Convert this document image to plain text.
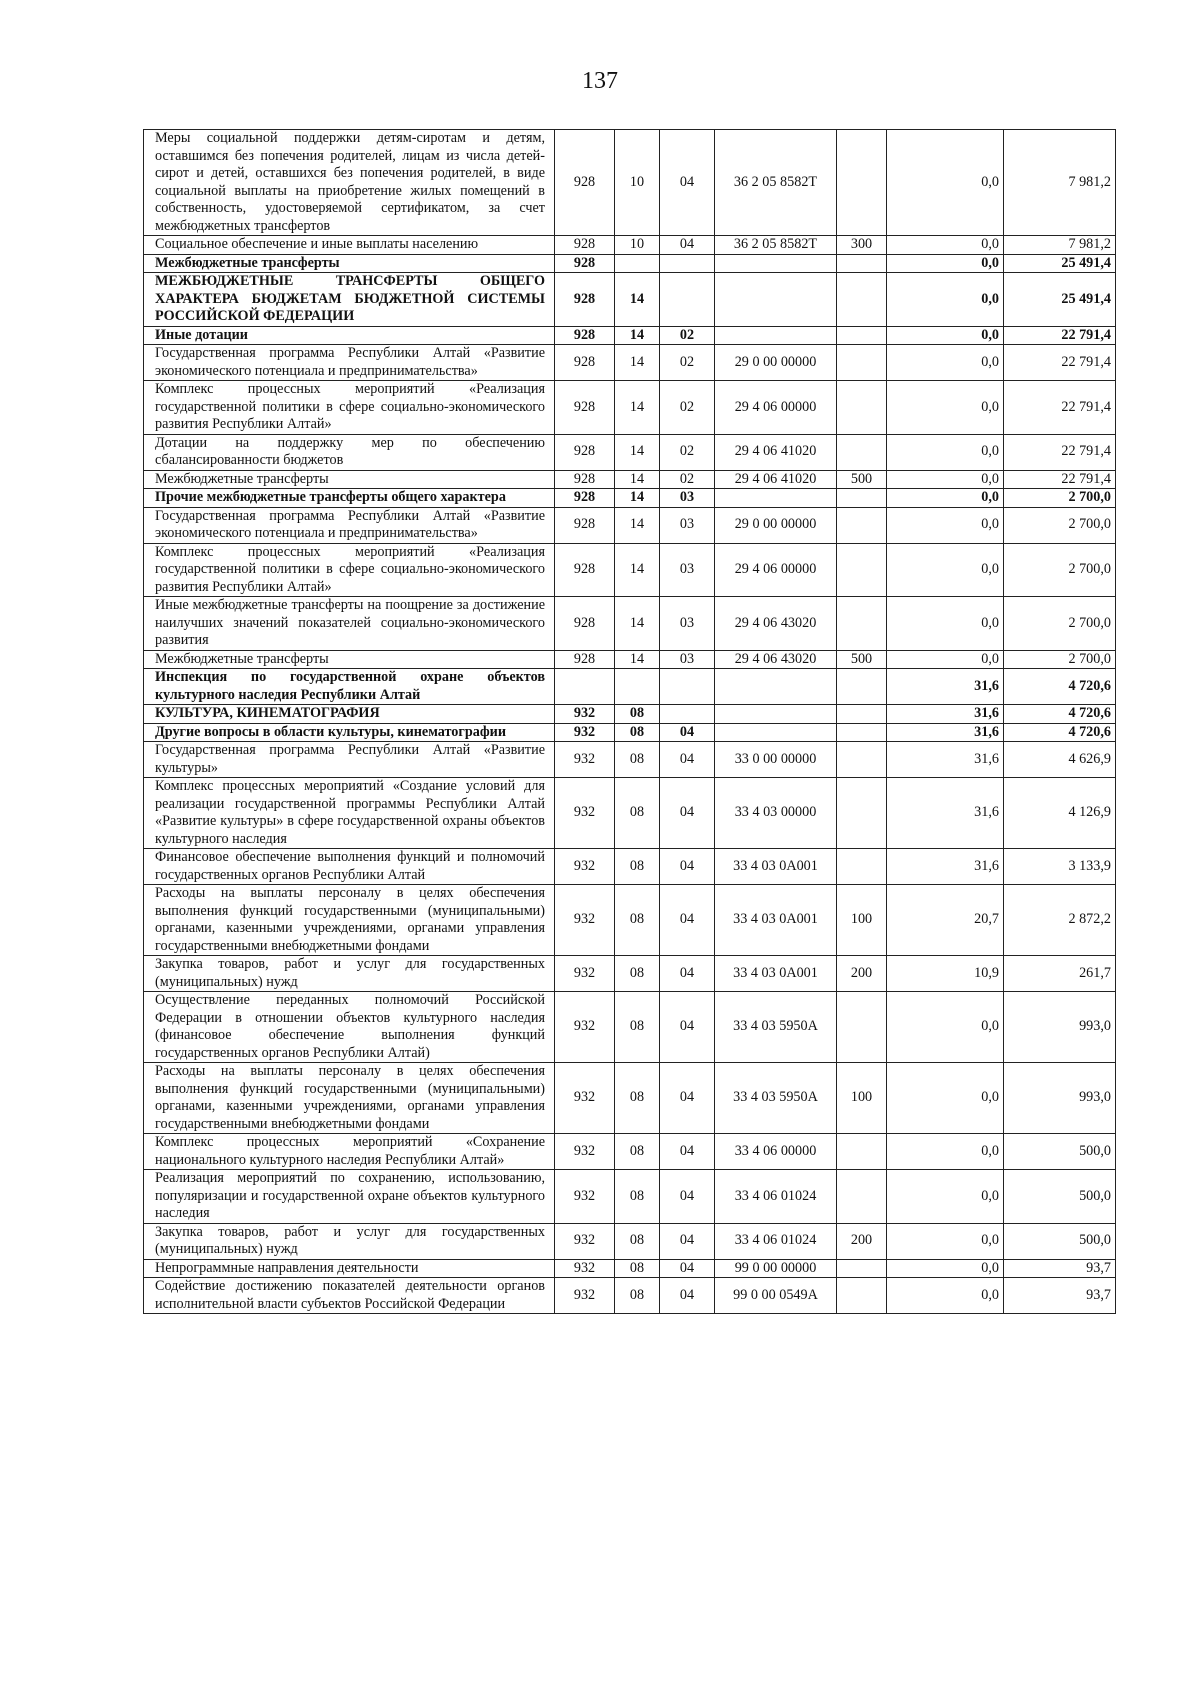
137
Меры социальной поддержки детям-сиротам и детям, оставшимся без попечения родителей, лицам из числа детей-сирот и детей, оставшихся без попечения родителей, в виде социальной выплаты на приобретение жилых помещений в собственность, удостоверяемой сертификатом, за счет межбюджетных трансфертов	928	10	04	36 2 05 8582T		0,0	7 981,2
Социальное обеспечение и иные выплаты населению	928	10	04	36 2 05 8582T	300	0,0	7 981,2
Межбюджетные трансферты	928					0,0	25 491,4
МЕЖБЮДЖЕТНЫЕ ТРАНСФЕРТЫ ОБЩЕГО ХАРАКТЕРА БЮДЖЕТАМ БЮДЖЕТНОЙ СИСТЕМЫ РОССИЙСКОЙ ФЕДЕРАЦИИ	928	14				0,0	25 491,4
Иные дотации	928	14	02			0,0	22 791,4
Государственная программа Республики Алтай «Развитие экономического потенциала и предпринимательства»	928	14	02	29 0 00 00000		0,0	22 791,4
Комплекс процессных мероприятий «Реализация государственной политики в сфере социально-экономического развития Республики Алтай»	928	14	02	29 4 06 00000		0,0	22 791,4
Дотации на поддержку мер по обеспечению сбалансированности бюджетов	928	14	02	29 4 06 41020		0,0	22 791,4
Межбюджетные трансферты	928	14	02	29 4 06 41020	500	0,0	22 791,4
Прочие межбюджетные трансферты общего характера	928	14	03			0,0	2 700,0
Государственная программа Республики Алтай «Развитие экономического потенциала и предпринимательства»	928	14	03	29 0 00 00000		0,0	2 700,0
Комплекс процессных мероприятий «Реализация государственной политики в сфере социально-экономического развития Республики Алтай»	928	14	03	29 4 06 00000		0,0	2 700,0
Иные межбюджетные трансферты на поощрение за достижение наилучших значений показателей социально-экономического развития	928	14	03	29 4 06 43020		0,0	2 700,0
Межбюджетные трансферты	928	14	03	29 4 06 43020	500	0,0	2 700,0
Инспекция по государственной охране объектов культурного наследия Республики Алтай						31,6	4 720,6
КУЛЬТУРА, КИНЕМАТОГРАФИЯ	932	08				31,6	4 720,6
Другие вопросы в области культуры, кинематографии	932	08	04			31,6	4 720,6
Государственная программа Республики Алтай «Развитие культуры»	932	08	04	33 0 00 00000		31,6	4 626,9
Комплекс процессных мероприятий «Создание условий для реализации государственной программы Республики Алтай «Развитие культуры» в сфере государственной охраны объектов культурного наследия	932	08	04	33 4 03 00000		31,6	4 126,9
Финансовое обеспечение выполнения функций и полномочий государственных органов Республики Алтай	932	08	04	33 4 03 0A001		31,6	3 133,9
Расходы на выплаты персоналу в целях обеспечения выполнения функций государственными (муниципальными) органами, казенными учреждениями, органами управления государственными внебюджетными фондами	932	08	04	33 4 03 0A001	100	20,7	2 872,2
Закупка товаров, работ и услуг для государственных (муниципальных) нужд	932	08	04	33 4 03 0A001	200	10,9	261,7
Осуществление переданных полномочий Российской Федерации в отношении объектов культурного наследия (финансовое обеспечение выполнения функций государственных органов Республики Алтай)	932	08	04	33 4 03 5950A		0,0	993,0
Расходы на выплаты персоналу в целях обеспечения выполнения функций государственными (муниципальными) органами, казенными учреждениями, органами управления государственными внебюджетными фондами	932	08	04	33 4 03 5950A	100	0,0	993,0
Комплекс процессных мероприятий «Сохранение национального культурного наследия Республики Алтай»	932	08	04	33 4 06 00000		0,0	500,0
Реализация мероприятий по сохранению, использованию, популяризации и государственной охране объектов культурного наследия	932	08	04	33 4 06 01024		0,0	500,0
Закупка товаров, работ и услуг для государственных (муниципальных) нужд	932	08	04	33 4 06 01024	200	0,0	500,0
Непрограммные направления деятельности	932	08	04	99 0 00 00000		0,0	93,7
Содействие достижению показателей деятельности органов исполнительной власти субъектов Российской Федерации	932	08	04	99 0 00 0549A		0,0	93,7
